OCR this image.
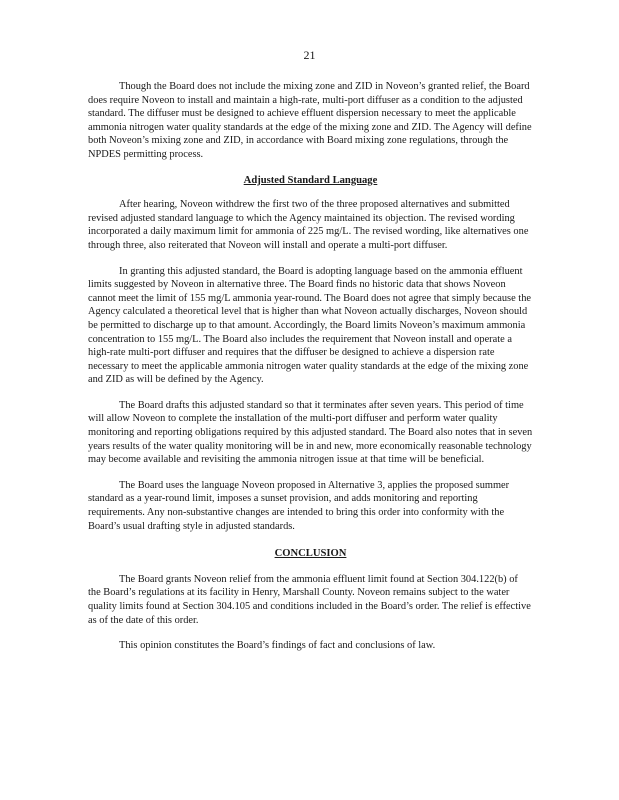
21

Though the Board does not include the mixing zone and ZID in Noveon’s granted relief, the Board does require Noveon to install and maintain a high-rate, multi-port diffuser as a condition to the adjusted standard. The diffuser must be designed to achieve effluent dispersion necessary to meet the applicable ammonia nitrogen water quality standards at the edge of the mixing zone and ZID. The Agency will define both Noveon’s mixing zone and ZID, in accordance with Board mixing zone regulations, through the NPDES permitting process.

Adjusted Standard Language

After hearing, Noveon withdrew the first two of the three proposed alternatives and submitted revised adjusted standard language to which the Agency maintained its objection. The revised wording incorporated a daily maximum limit for ammonia of 225 mg/L. The revised wording, like alternatives one through three, also reiterated that Noveon will install and operate a multi-port diffuser.

In granting this adjusted standard, the Board is adopting language based on the ammonia effluent limits suggested by Noveon in alternative three. The Board finds no historic data that shows Noveon cannot meet the limit of 155 mg/L ammonia year-round. The Board does not agree that simply because the Agency calculated a theoretical level that is higher than what Noveon actually discharges, Noveon should be permitted to discharge up to that amount. Accordingly, the Board limits Noveon’s maximum ammonia concentration to 155 mg/L. The Board also includes the requirement that Noveon install and operate a high-rate multi-port diffuser and requires that the diffuser be designed to achieve a dispersion rate necessary to meet the applicable ammonia nitrogen water quality standards at the edge of the mixing zone and ZID as will be defined by the Agency.

The Board drafts this adjusted standard so that it terminates after seven years. This period of time will allow Noveon to complete the installation of the multi-port diffuser and perform water quality monitoring and reporting obligations required by this adjusted standard. The Board also notes that in seven years results of the water quality monitoring will be in and new, more economically reasonable technology may become available and revisiting the ammonia nitrogen issue at that time will be beneficial.

The Board uses the language Noveon proposed in Alternative 3, applies the proposed summer standard as a year-round limit, imposes a sunset provision, and adds monitoring and reporting requirements. Any non-substantive changes are intended to bring this order into conformity with the Board’s usual drafting style in adjusted standards.

CONCLUSION

The Board grants Noveon relief from the ammonia effluent limit found at Section 304.122(b) of the Board’s regulations at its facility in Henry, Marshall County. Noveon remains subject to the water quality limits found at Section 304.105 and conditions included in the Board’s order. The relief is effective as of the date of this order.

This opinion constitutes the Board’s findings of fact and conclusions of law.
